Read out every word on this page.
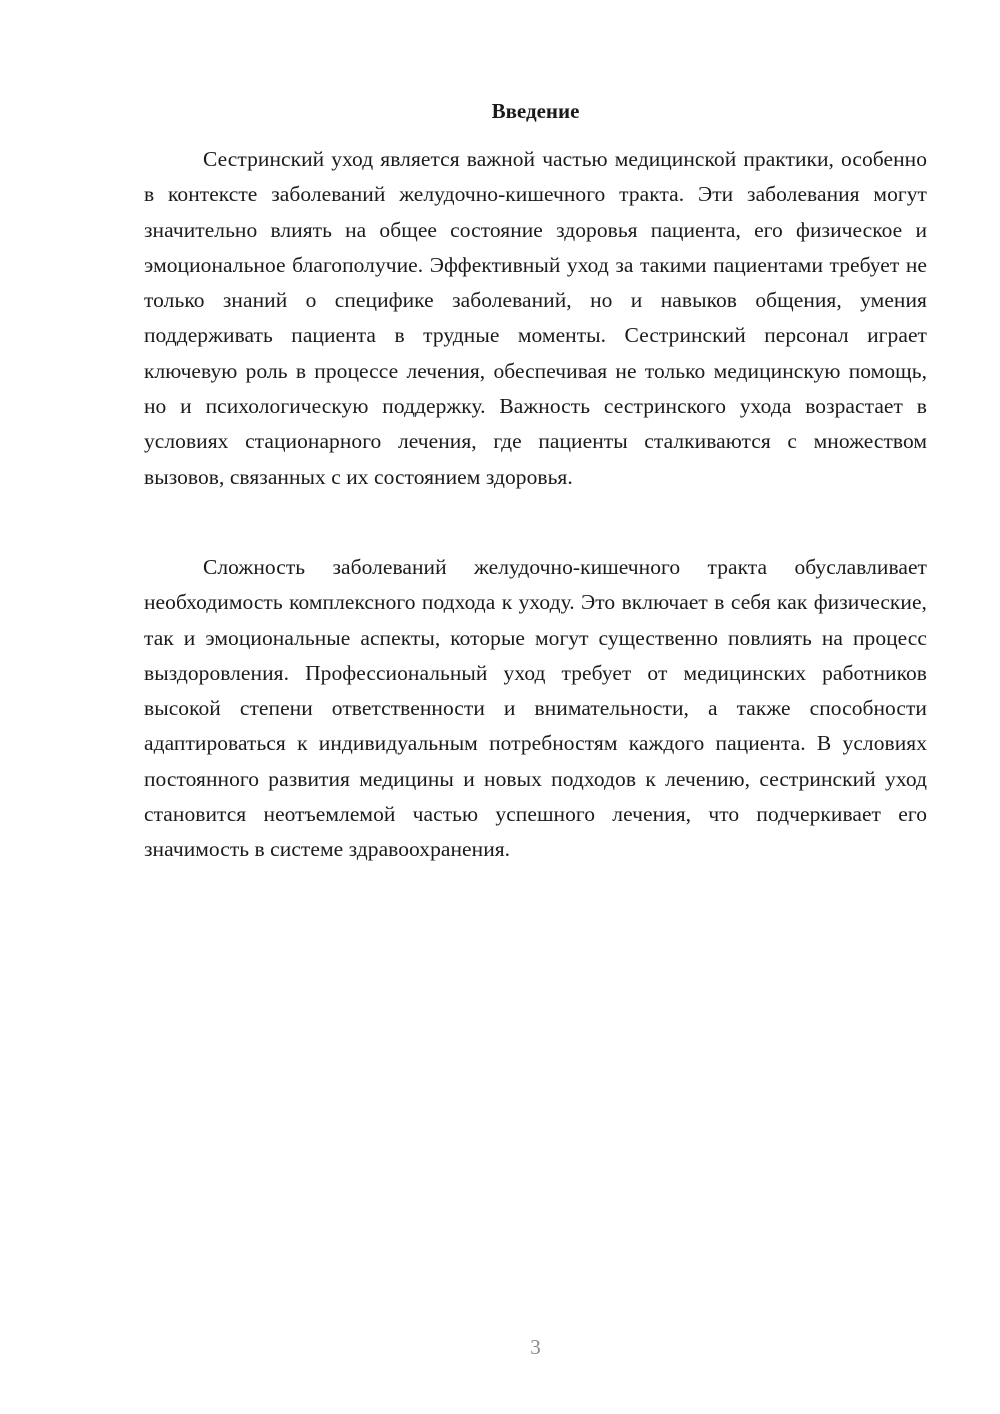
Введение

Сестринский уход является важной частью медицинской практики, особенно в контексте заболеваний желудочно-кишечного тракта. Эти заболевания могут значительно влиять на общее состояние здоровья пациента, его физическое и эмоциональное благополучие. Эффективный уход за такими пациентами требует не только знаний о специфике заболеваний, но и навыков общения, умения поддерживать пациента в трудные моменты. Сестринский персонал играет ключевую роль в процессе лечения, обеспечивая не только медицинскую помощь, но и психологическую поддержку. Важность сестринского ухода возрастает в условиях стационарного лечения, где пациенты сталкиваются с множеством вызовов, связанных с их состоянием здоровья.

Сложность заболеваний желудочно-кишечного тракта обуславливает необходимость комплексного подхода к уходу. Это включает в себя как физические, так и эмоциональные аспекты, которые могут существенно повлиять на процесс выздоровления. Профессиональный уход требует от медицинских работников высокой степени ответственности и внимательности, а также способности адаптироваться к индивидуальным потребностям каждого пациента. В условиях постоянного развития медицины и новых подходов к лечению, сестринский уход становится неотъемлемой частью успешного лечения, что подчеркивает его значимость в системе здравоохранения.

3
